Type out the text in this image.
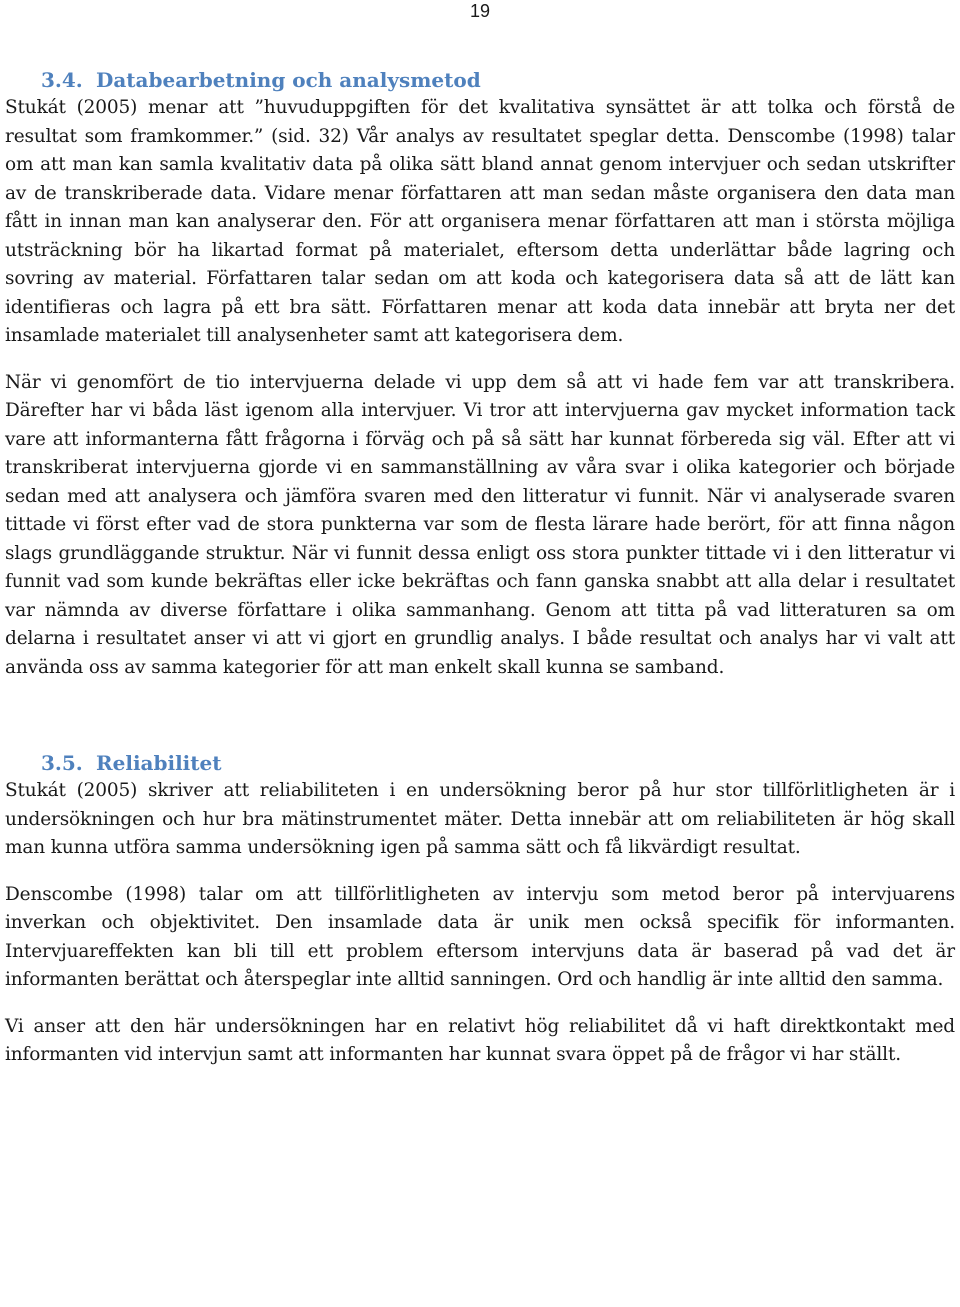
19
3.4. Databearbetning och analysmetod

Stukát (2005) menar att ”huvuduppgiften för det kvalitativa synsättet är att tolka och förstå de resultat som framkommer.” (sid. 32) Vår analys av resultatet speglar detta. Denscombe (1998) talar om att man kan samla kvalitativ data på olika sätt bland annat genom intervjuer och sedan utskrifter av de transkriberade data. Vidare menar författaren att man sedan måste organisera den data man fått in innan man kan analyserar den. För att organisera menar författaren att man i största möjliga utsträckning bör ha likartad format på materialet, eftersom detta underlättar både lagring och sovring av material. Författaren talar sedan om att koda och kategorisera data så att de lätt kan identifieras och lagra på ett bra sätt. Författaren menar att koda data innebär att bryta ner det insamlade materialet till analysenheter samt att kategorisera dem.

När vi genomfört de tio intervjuerna delade vi upp dem så att vi hade fem var att transkribera. Därefter har vi båda läst igenom alla intervjuer. Vi tror att intervjuerna gav mycket information tack vare att informanterna fått frågorna i förväg och på så sätt har kunnat förbereda sig väl. Efter att vi transkriberat intervjuerna gjorde vi en sammanställning av våra svar i olika kategorier och började sedan med att analysera och jämföra svaren med den litteratur vi funnit. När vi analyserade svaren tittade vi först efter vad de stora punkterna var som de flesta lärare hade berört, för att finna någon slags grundläggande struktur. När vi funnit dessa enligt oss stora punkter tittade vi i den litteratur vi funnit vad som kunde bekräftas eller icke bekräftas och fann ganska snabbt att alla delar i resultatet var nämnda av diverse författare i olika sammanhang. Genom att titta på vad litteraturen sa om delarna i resultatet anser vi att vi gjort en grundlig analys. I både resultat och analys har vi valt att använda oss av samma kategorier för att man enkelt skall kunna se samband.

3.5. Reliabilitet

Stukát (2005) skriver att reliabiliteten i en undersökning beror på hur stor tillförlitligheten är i undersökningen och hur bra mätinstrumentet mäter. Detta innebär att om reliabiliteten är hög skall man kunna utföra samma undersökning igen på samma sätt och få likvärdigt resultat.

Denscombe (1998) talar om att tillförlitligheten av intervju som metod beror på intervjuarens inverkan och objektivitet. Den insamlade data är unik men också specifik för informanten. Intervjuareffekten kan bli till ett problem eftersom intervjuns data är baserad på vad det är informanten berättat och återspeglar inte alltid sanningen. Ord och handlig är inte alltid den samma.

Vi anser att den här undersökningen har en relativt hög reliabilitet då vi haft direktkontakt med informanten vid intervjun samt att informanten har kunnat svara öppet på de frågor vi har ställt.
